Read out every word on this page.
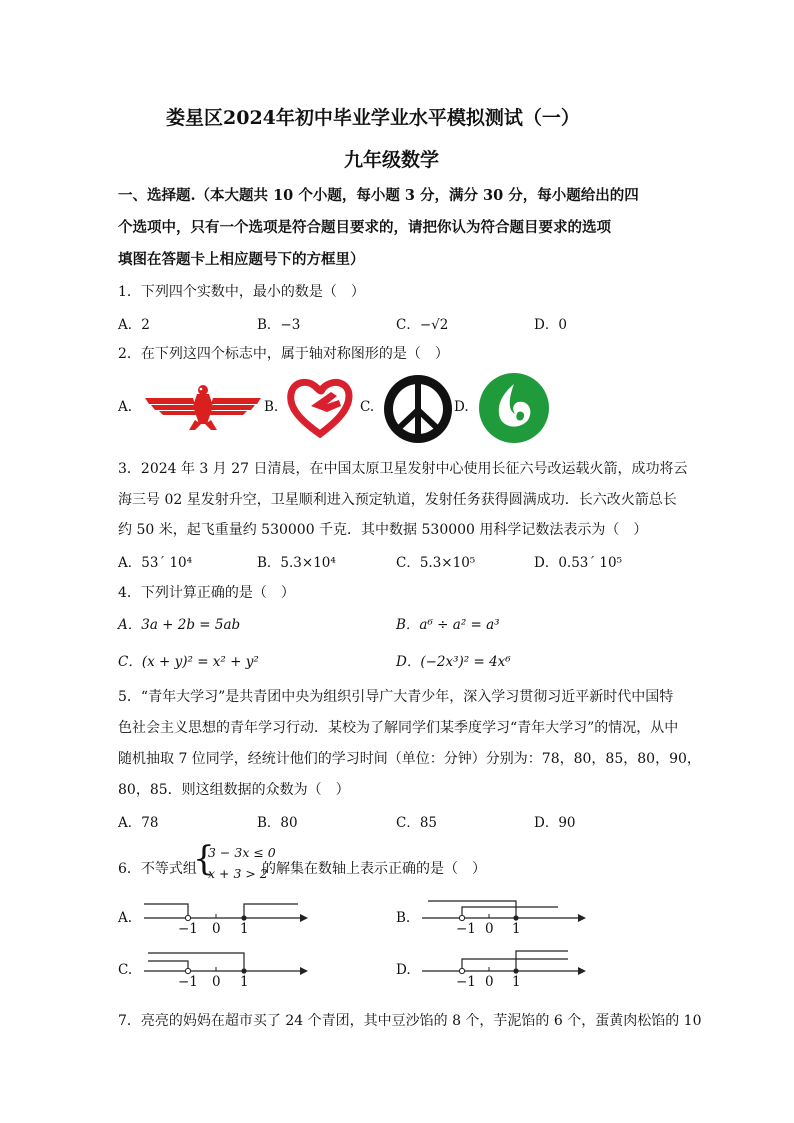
娄星区2024年初中毕业学业水平模拟测试（一）
九年级数学
一、选择题.（本大题共 10 个小题，每小题 3 分，满分 30 分，每小题给出的四
个选项中，只有一个选项是符合题目要求的，请把你认为符合题目要求的选项
填图在答题卡上相应题号下的方框里）
1．下列四个实数中，最小的数是（　）
A．2	B．−3	C．−√2	D．0
2．在下列这四个标志中，属于轴对称图形的是（　）
A.	B.	C.	D.
3．2024 年 3 月 27 日清晨，在中国太原卫星发射中心使用长征六号改运载火箭，成功将云
海三号 02 星发射升空，卫星顺利进入预定轨道，发射任务获得圆满成功．长六改火箭总长
约 50 米，起飞重量约 530000 千克．其中数据 530000 用科学记数法表示为（　）
A．53´ 10⁴	B．5.3×10⁴	C．5.3×10⁵	D．0.53´ 10⁵
4．下列计算正确的是（　）
A．3a + 2b = 5ab	B．a⁶ ÷ a² = a³
C．(x + y)² = x² + y²	D．(−2x³)² = 4x⁶
5．“青年大学习”是共青团中央为组织引导广大青少年，深入学习贯彻习近平新时代中国特
色社会主义思想的青年学习行动．某校为了解同学们某季度学习“青年大学习”的情况，从中
随机抽取 7 位同学，经统计他们的学习时间（单位：分钟）分别为：78，80，85，80，90，
80，85．则这组数据的众数为（　）
A．78	B．80	C．85	D．90
6．不等式组
{
3 − 3x ≤ 0
x + 3 > 2
的解集在数轴上表示正确的是（　）
A.	B.
C.	D.
−1 0 1	−1 0 1
−1 0 1	−1 0 1
7．亮亮的妈妈在超市买了 24 个青团，其中豆沙馅的 8 个，芋泥馅的 6 个，蛋黄肉松馅的 10
